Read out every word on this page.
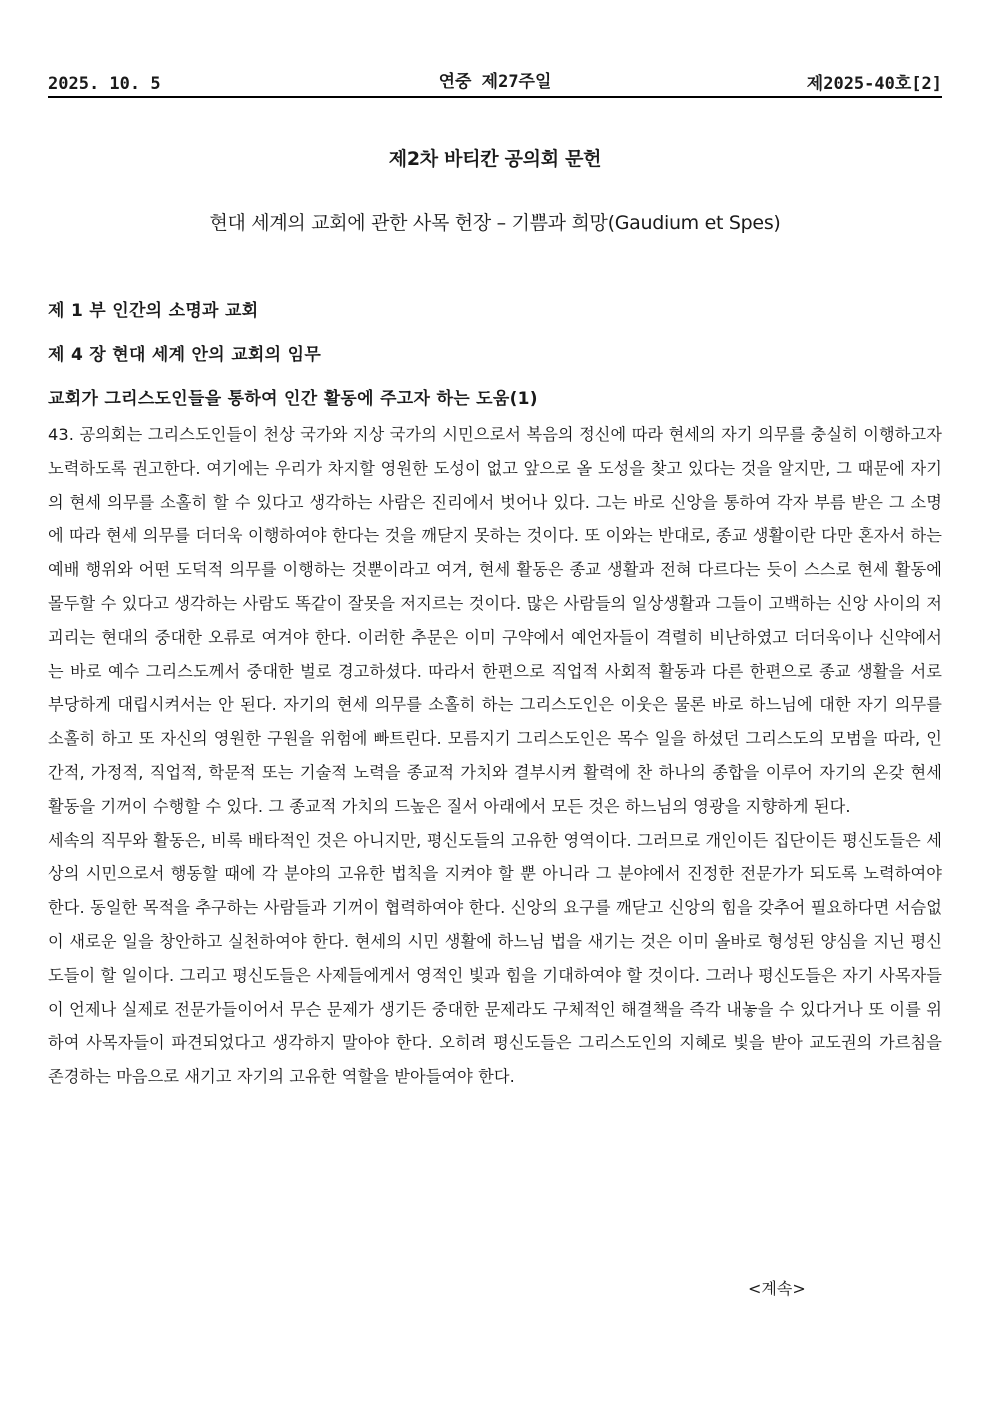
2025. 10. 5	연중 제27주일	제2025-40호[2]
제2차 바티칸 공의회 문헌
현대 세계의 교회에 관한 사목 헌장 – 기쁨과 희망(Gaudium et Spes)
제 1 부 인간의 소명과 교회
제 4 장 현대 세계 안의 교회의 임무
교회가 그리스도인들을 통하여 인간 활동에 주고자 하는 도움(1)

43. 공의회는 그리스도인들이 천상 국가와 지상 국가의 시민으로서 복음의 정신에 따라 현세의 자기 의무를 충실히 이행하고자 노력하도록 권고한다. 여기에는 우리가 차지할 영원한 도성이 없고 앞으로 올 도성을 찾고 있다는 것을 알지만, 그 때문에 자기의 현세 의무를 소홀히 할 수 있다고 생각하는 사람은 진리에서 벗어나 있다. 그는 바로 신앙을 통하여 각자 부름 받은 그 소명에 따라 현세 의무를 더더욱 이행하여야 한다는 것을 깨닫지 못하는 것이다. 또 이와는 반대로, 종교 생활이란 다만 혼자서 하는 예배 행위와 어떤 도덕적 의무를 이행하는 것뿐이라고 여겨, 현세 활동은 종교 생활과 전혀 다르다는 듯이 스스로 현세 활동에 몰두할 수 있다고 생각하는 사람도 똑같이 잘못을 저지르는 것이다. 많은 사람들의 일상생활과 그들이 고백하는 신앙 사이의 저 괴리는 현대의 중대한 오류로 여겨야 한다. 이러한 추문은 이미 구약에서 예언자들이 격렬히 비난하였고 더더욱이나 신약에서는 바로 예수 그리스도께서 중대한 벌로 경고하셨다. 따라서 한편으로 직업적 사회적 활동과 다른 한편으로 종교 생활을 서로 부당하게 대립시켜서는 안 된다. 자기의 현세 의무를 소홀히 하는 그리스도인은 이웃은 물론 바로 하느님에 대한 자기 의무를 소홀히 하고 또 자신의 영원한 구원을 위험에 빠트린다. 모름지기 그리스도인은 목수 일을 하셨던 그리스도의 모범을 따라, 인간적, 가정적, 직업적, 학문적 또는 기술적 노력을 종교적 가치와 결부시켜 활력에 찬 하나의 종합을 이루어 자기의 온갖 현세 활동을 기꺼이 수행할 수 있다. 그 종교적 가치의 드높은 질서 아래에서 모든 것은 하느님의 영광을 지향하게 된다.

세속의 직무와 활동은, 비록 배타적인 것은 아니지만, 평신도들의 고유한 영역이다. 그러므로 개인이든 집단이든 평신도들은 세상의 시민으로서 행동할 때에 각 분야의 고유한 법칙을 지켜야 할 뿐 아니라 그 분야에서 진정한 전문가가 되도록 노력하여야 한다. 동일한 목적을 추구하는 사람들과 기꺼이 협력하여야 한다. 신앙의 요구를 깨닫고 신앙의 힘을 갖추어 필요하다면 서슴없이 새로운 일을 창안하고 실천하여야 한다. 현세의 시민 생활에 하느님 법을 새기는 것은 이미 올바로 형성된 양심을 지닌 평신도들이 할 일이다. 그리고 평신도들은 사제들에게서 영적인 빛과 힘을 기대하여야 할 것이다. 그러나 평신도들은 자기 사목자들이 언제나 실제로 전문가들이어서 무슨 문제가 생기든 중대한 문제라도 구체적인 해결책을 즉각 내놓을 수 있다거나 또 이를 위하여 사목자들이 파견되었다고 생각하지 말아야 한다. 오히려 평신도들은 그리스도인의 지혜로 빛을 받아 교도권의 가르침을 존경하는 마음으로 새기고 자기의 고유한 역할을 받아들여야 한다.

<계속>
